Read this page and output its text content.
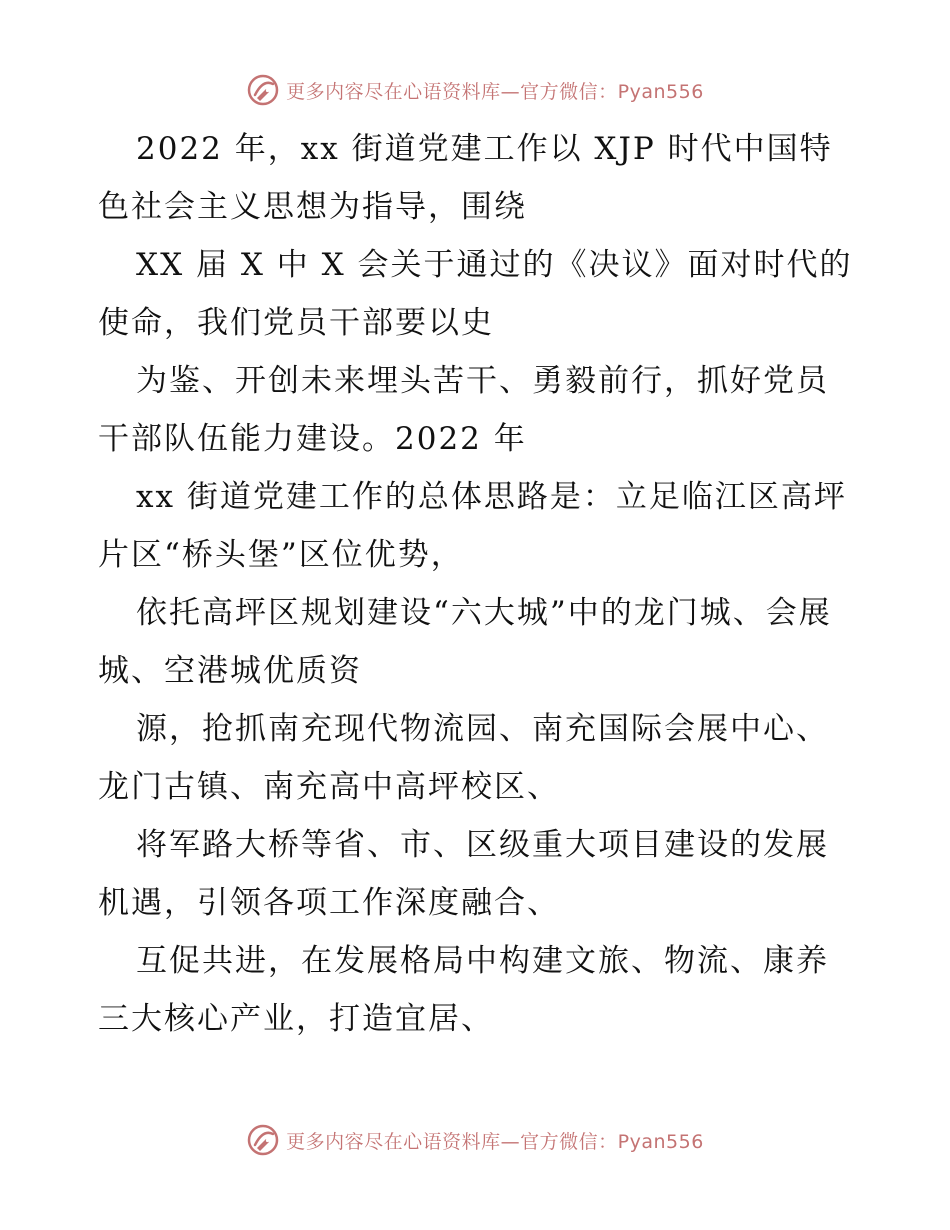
更多内容尽在心语资料库—官方微信：Pyan556

2022 年，xx 街道党建工作以 XJP 时代中国特色社会主义思想为指导，围绕

XX 届 X 中 X 会关于通过的《决议》面对时代的使命，我们党员干部要以史

为鉴、开创未来埋头苦干、勇毅前行，抓好党员干部队伍能力建设。2022 年

xx 街道党建工作的总体思路是：立足临江区高坪片区“桥头堡”区位优势，

依托高坪区规划建设“六大城”中的龙门城、会展城、空港城优质资

源，抢抓南充现代物流园、南充国际会展中心、龙门古镇、南充高中高坪校区、

将军路大桥等省、市、区级重大项目建设的发展机遇，引领各项工作深度融合、

互促共进，在发展格局中构建文旅、物流、康养三大核心产业，打造宜居、

更多内容尽在心语资料库—官方微信：Pyan556
